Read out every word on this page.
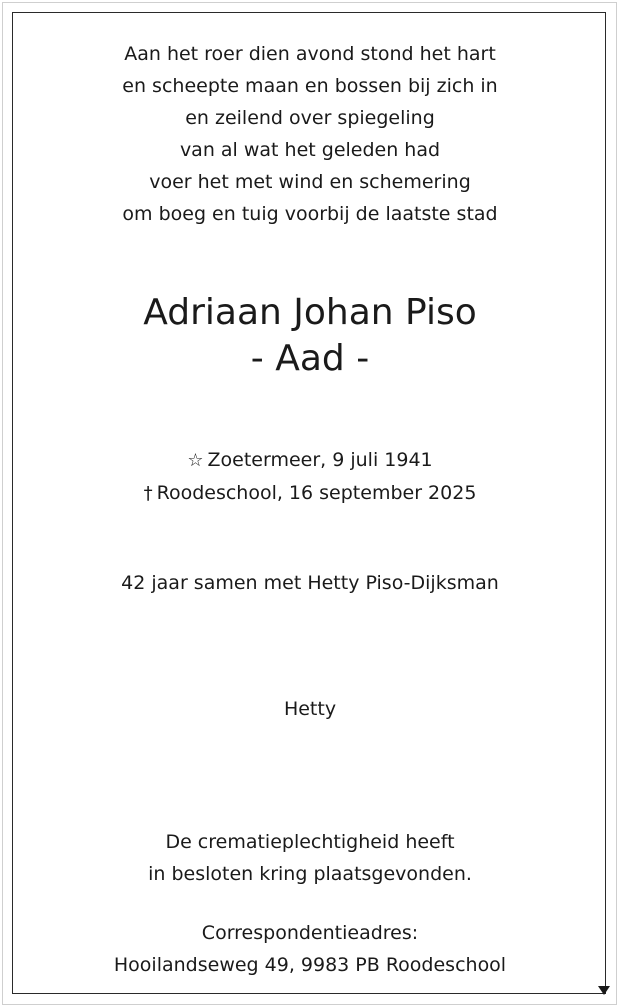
Aan het roer dien avond stond het hart
en scheepte maan en bossen bij zich in
en zeilend over spiegeling
van al wat het geleden had
voer het met wind en schemering
om boeg en tuig voorbij de laatste stad
Adriaan Johan Piso
- Aad -
☆ Zoetermeer, 9 juli 1941
† Roodeschool, 16 september 2025
42 jaar samen met Hetty Piso-Dijksman
Hetty
De crematieplechtigheid heeft
in besloten kring plaatsgevonden.
Correspondentieadres:
Hooilandseweg 49, 9983 PB Roodeschool
